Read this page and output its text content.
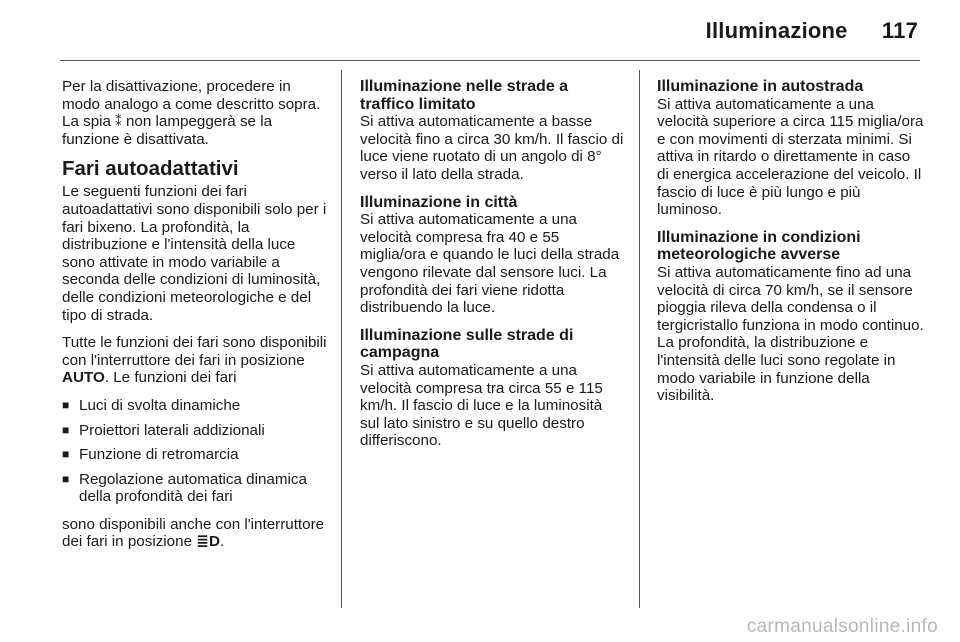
Illuminazione 117

Per la disattivazione, procedere in modo analogo a come descritto sopra. La spia ⁑ non lampeggerà se la funzione è disattivata.

Fari autoadattativi

Le seguenti funzioni dei fari autoadattativi sono disponibili solo per i fari bixeno. La profondità, la distribuzione e l'intensità della luce sono attivate in modo variabile a seconda delle condizioni di luminosità, delle condizioni meteorologiche e del tipo di strada.

Tutte le funzioni dei fari sono disponibili con l'interruttore dei fari in posizione AUTO. Le funzioni dei fari

■ Luci di svolta dinamiche
■ Proiettori laterali addizionali
■ Funzione di retromarcia
■ Regolazione automatica dinamica della profondità dei fari

sono disponibili anche con l'interruttore dei fari in posizione ≣D.

Illuminazione nelle strade a traffico limitato
Si attiva automaticamente a basse velocità fino a circa 30 km/h. Il fascio di luce viene ruotato di un angolo di 8° verso il lato della strada.
Illuminazione in città
Si attiva automaticamente a una velocità compresa fra 40 e 55 miglia/ora e quando le luci della strada vengono rilevate dal sensore luci. La profondità dei fari viene ridotta distribuendo la luce.
Illuminazione sulle strade di campagna
Si attiva automaticamente a una velocità compresa tra circa 55 e 115 km/h. Il fascio di luce e la luminosità sul lato sinistro e su quello destro differiscono.
Illuminazione in autostrada
Si attiva automaticamente a una velocità superiore a circa 115 miglia/ora e con movimenti di sterzata minimi. Si attiva in ritardo o direttamente in caso di energica accelerazione del veicolo. Il fascio di luce è più lungo e più luminoso.
Illuminazione in condizioni meteorologiche avverse
Si attiva automaticamente fino ad una velocità di circa 70 km/h, se il sensore pioggia rileva della condensa o il tergicristallo funziona in modo continuo. La profondità, la distribuzione e l'intensità delle luci sono regolate in modo variabile in funzione della visibilità.
carmanualsonline.info
